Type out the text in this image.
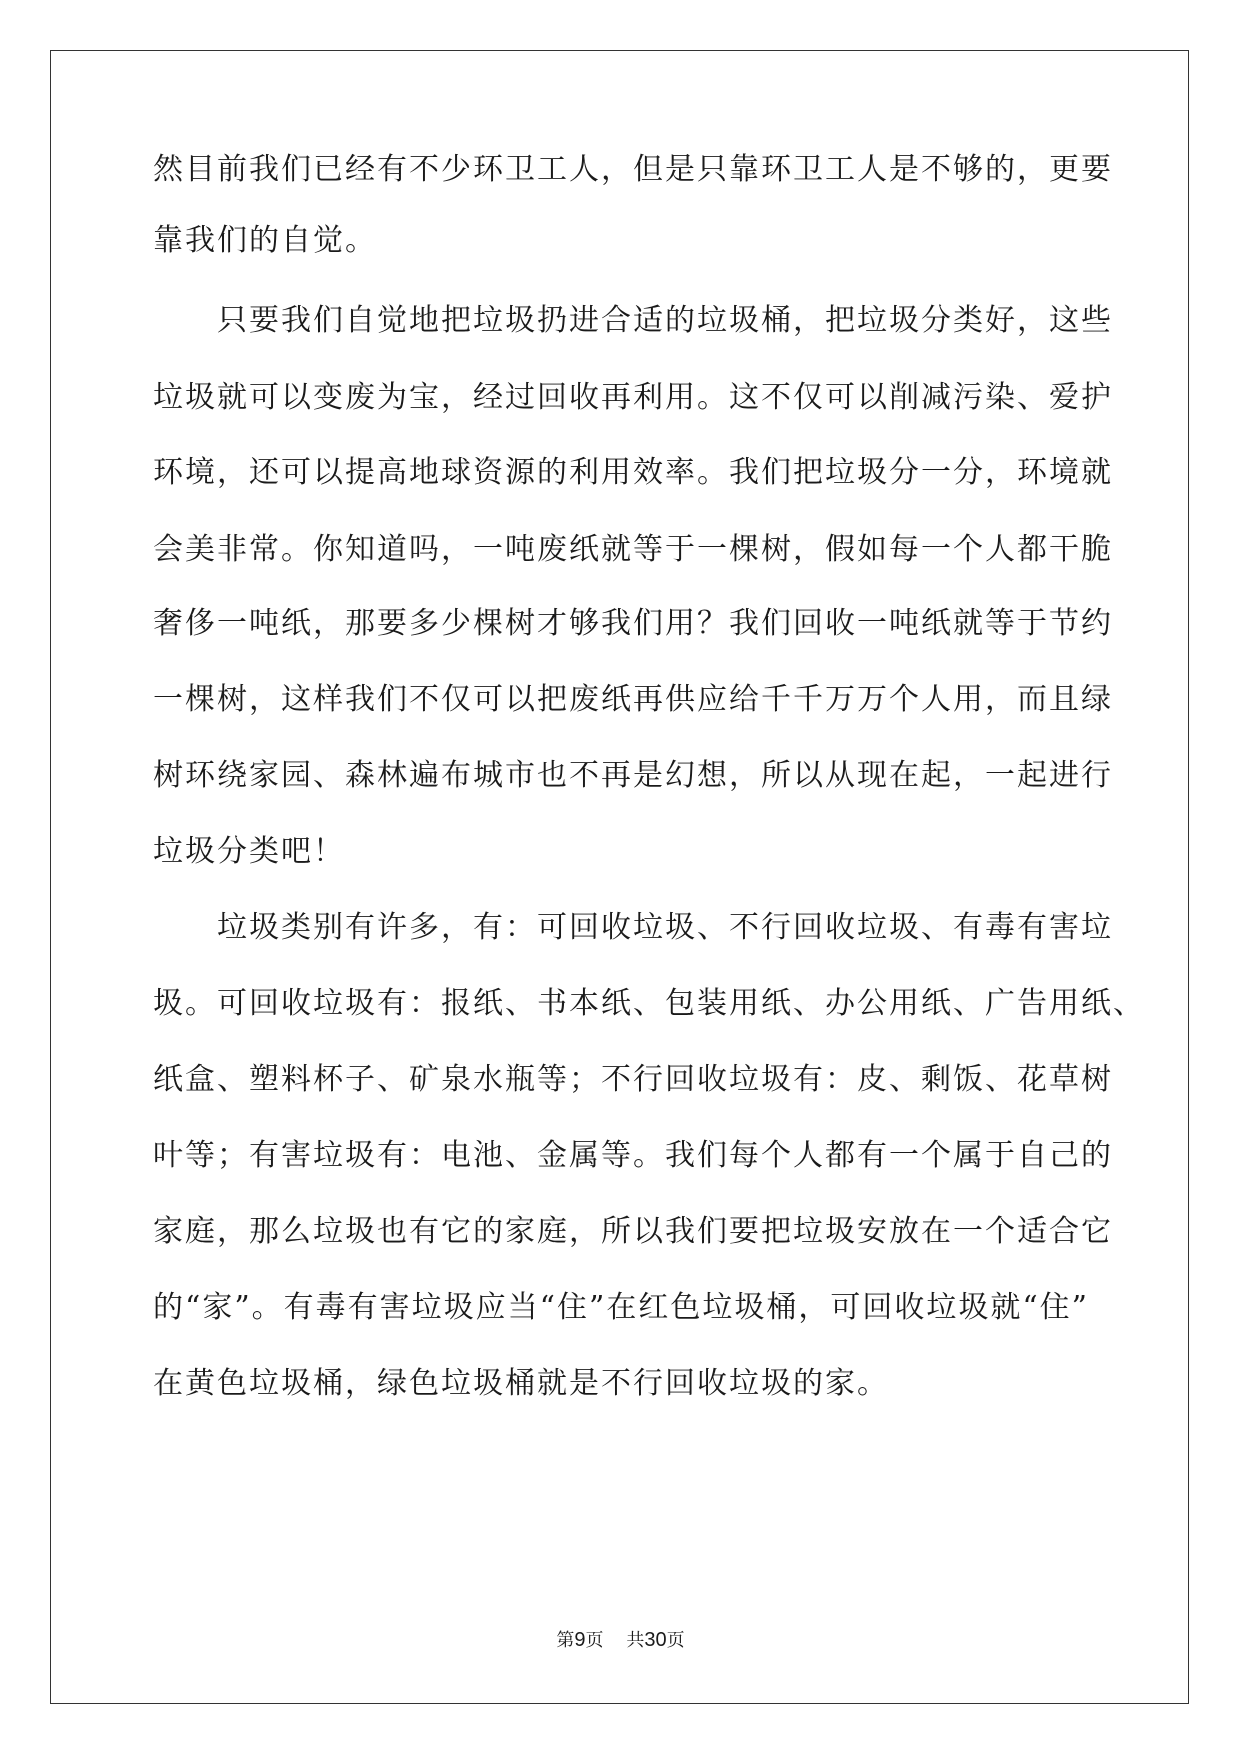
然目前我们已经有不少环卫工人，但是只靠环卫工人是不够的，更要
靠我们的自觉。
　　只要我们自觉地把垃圾扔进合适的垃圾桶，把垃圾分类好，这些
垃圾就可以变废为宝，经过回收再利用。这不仅可以削减污染、爱护
环境，还可以提高地球资源的利用效率。我们把垃圾分一分，环境就
会美非常。你知道吗，一吨废纸就等于一棵树，假如每一个人都干脆
奢侈一吨纸，那要多少棵树才够我们用？我们回收一吨纸就等于节约
一棵树，这样我们不仅可以把废纸再供应给千千万万个人用，而且绿
树环绕家园、森林遍布城市也不再是幻想，所以从现在起，一起进行
垃圾分类吧！
　　垃圾类别有许多，有：可回收垃圾、不行回收垃圾、有毒有害垃
圾。可回收垃圾有：报纸、书本纸、包装用纸、办公用纸、广告用纸、
纸盒、塑料杯子、矿泉水瓶等；不行回收垃圾有：皮、剩饭、花草树
叶等；有害垃圾有：电池、金属等。我们每个人都有一个属于自己的
家庭，那么垃圾也有它的家庭，所以我们要把垃圾安放在一个适合它
的“家”。有毒有害垃圾应当“住”在红色垃圾桶，可回收垃圾就“住”
在黄色垃圾桶，绿色垃圾桶就是不行回收垃圾的家。
第9页 共30页
